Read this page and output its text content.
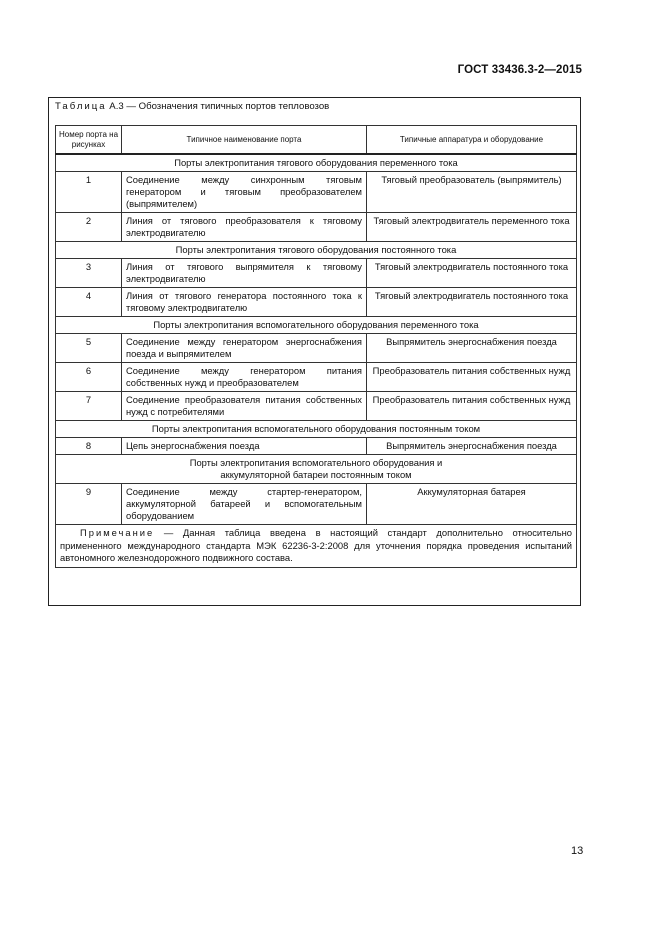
ГОСТ 33436.3-2—2015
Таблица А.3 — Обозначения типичных портов тепловозов
Номер порта на рисунках	Типичное наименование порта	Типичные аппаратура и оборудование
Порты электропитания тягового оборудования переменного тока		
1	Соединение между синхронным тяговым генератором и тяговым преобразователем (выпрямителем)	Тяговый преобразователь (выпрямитель)
2	Линия от тягового преобразователя к тяговому электродвигателю	Тяговый электродвигатель переменного тока
Порты электропитания тягового оборудования постоянного тока		
3	Линия от тягового выпрямителя к тяговому электродвигателю	Тяговый электродвигатель постоянного тока
4	Линия от тягового генератора постоянного тока к тяговому электродвигателю	Тяговый электродвигатель постоянного тока
Порты электропитания вспомогательного оборудования переменного тока		
5	Соединение между генератором энергоснабжения поезда и выпрямителем	Выпрямитель энергоснабжения поезда
6	Соединение между генератором питания собственных нужд и преобразователем	Преобразователь питания собственных нужд
7	Соединение преобразователя питания собственных нужд с потребителями	Преобразователь питания собственных нужд
Порты электропитания вспомогательного оборудования постоянным током		
8	Цепь энергоснабжения поезда	Выпрямитель энергоснабжения поезда
Порты электропитания вспомогательного оборудования и аккумуляторной батареи постоянным током		
9	Соединение между стартер-генератором, аккумуляторной батареей и вспомогательным оборудованием	Аккумуляторная батарея
Примечание — Данная таблица введена в настоящий стандарт дополнительно относительно примененного международного стандарта МЭК 62236-3-2:2008 для уточнения порядка проведения испытаний автономного железнодорожного подвижного состава.		
13
